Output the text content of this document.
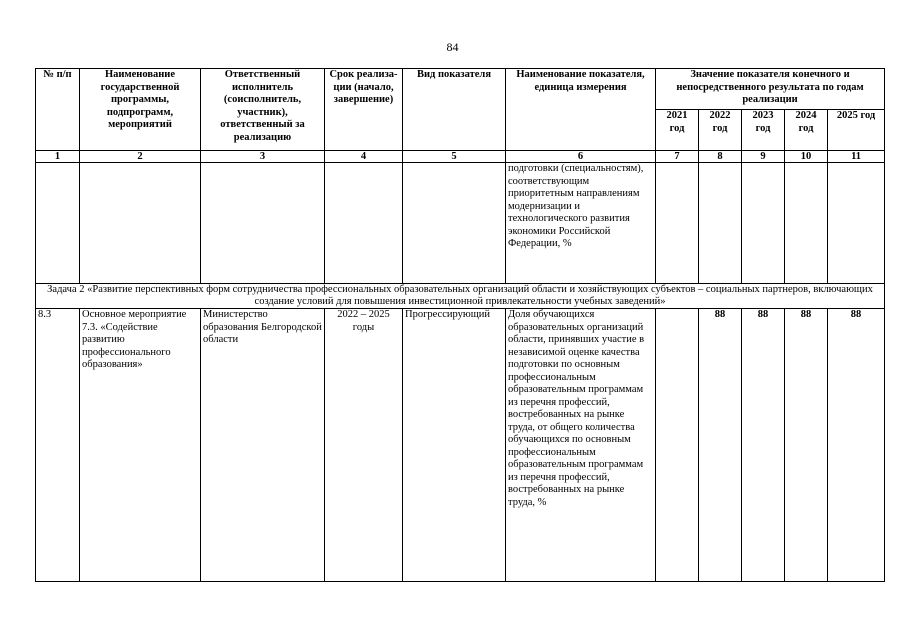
84
№ п/п	Наименование государственной программы, подпрограмм, мероприятий	Ответственный исполнитель (соисполнитель, участник), ответственный за реализацию	Срок реализа- ции (начало, завершение)	Вид показателя	Наименование показателя, единица измерения	Значение показателя конечного и непосредственного результата по годам реализации				
						2021 год	2022 год	2023 год	2024 год	2025 год
1	2	3	4	5	6	7	8	9	10	11
					подготовки (специальностям), соответствующим приоритетным направлениям модернизации и технологического развития экономики Российской Федерации, %					
Задача 2 «Развитие перспективных форм сотрудничества профессиональных образовательных организаций области и хозяйствующих субъектов – социальных партнеров, включающих создание условий для повышения инвестиционной привлекательности учебных заведений»										
8.3	Основное мероприятие 7.3. «Содействие развитию профессионального образования»	Министерство образования Белгородской области	2022 – 2025 годы	Прогрессирующий	Доля обучающихся образовательных организаций области, принявших участие в независимой оценке качества подготовки по основным профессиональным образовательным программам из перечня профессий, востребованных на рынке труда, от общего количества обучающихся по основным профессиональным образовательным программам из перечня профессий, востребованных на рынке труда, %		88	88	88	88
